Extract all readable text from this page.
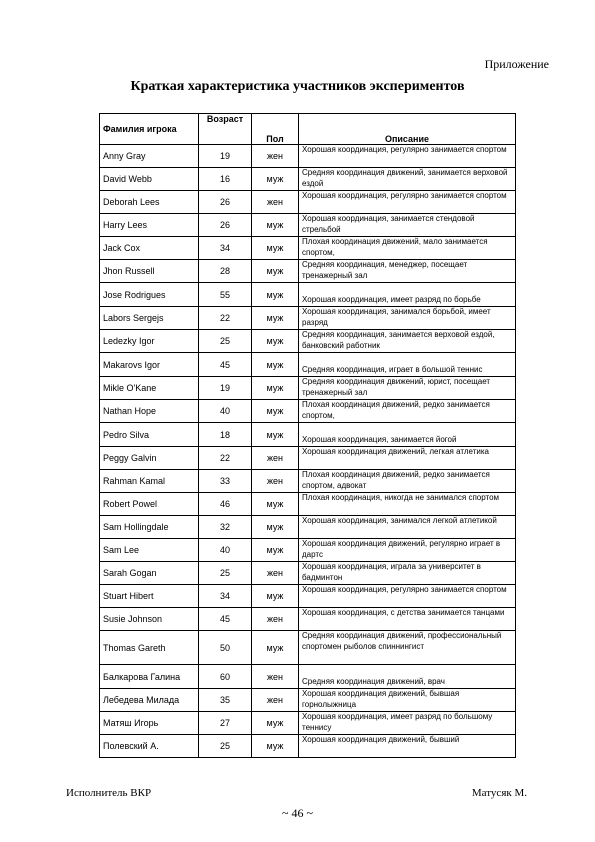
Приложение
Краткая характеристика участников экспериментов
Фамилия игрока	Возраст	Пол	Описание
Anny Gray	19	жен	Хорошая координация, регулярно занимается спортом
David Webb	16	муж	Средняя координация движений, занимается верховой ездой
Deborah Lees	26	жен	Хорошая координация, регулярно занимается спортом
Harry Lees	26	муж	Хорошая координация, занимается стендовой стрельбой
Jack Cox	34	муж	Плохая координация движений, мало занимается спортом,
Jhon Russell	28	муж	Средняя координация, менеджер, посещает тренажерный зал
Jose Rodrigues	55	муж	Хорошая координация, имеет разряд по борьбе
Labors Sergejs	22	муж	Хорошая координация, занимался борьбой, имеет разряд
Ledezky Igor	25	муж	Средняя координация, занимается верховой ездой, банковский работник
Makarovs Igor	45	муж	Средняя координация, играет в большой теннис
Mikle O'Kane	19	муж	Средняя координация движений, юрист, посещает тренажерный зал
Nathan Hope	40	муж	Плохая координация движений, редко занимается спортом,
Pedro Silva	18	муж	Хорошая координация, занимается йогой
Peggy Galvin	22	жен	Хорошая координация движений, легкая атлетика
Rahman Kamal	33	жен	Плохая координация движений, редко занимается спортом, адвокат
Robert Powel	46	муж	Плохая координация, никогда не занимался спортом
Sam Hollingdale	32	муж	Хорошая координация, занимался легкой атлетикой
Sam Lee	40	муж	Хорошая координация движений, регулярно играет в дартс
Sarah Gogan	25	жен	Хорошая координация, играла за университет в бадминтон
Stuart Hibert	34	муж	Хорошая координация, регулярно занимается спортом
Susie Johnson	45	жен	Хорошая координация, с детства занимается танцами
Thomas Gareth	50	муж	Средняя координация движений, профессиональный спортомен рыболов спиннингист
Балкарова Галина	60	жен	Средняя координация движений, врач
Лебедева Милада	35	жен	Хорошая координация движений, бывшая горнолыжница
Матяш Игорь	27	муж	Хорошая координация, имеет разряд по большому теннису
Полевский А.	25	муж	Хорошая координация движений, бывший
Исполнитель ВКР	Матусяк М.
~ 46 ~
